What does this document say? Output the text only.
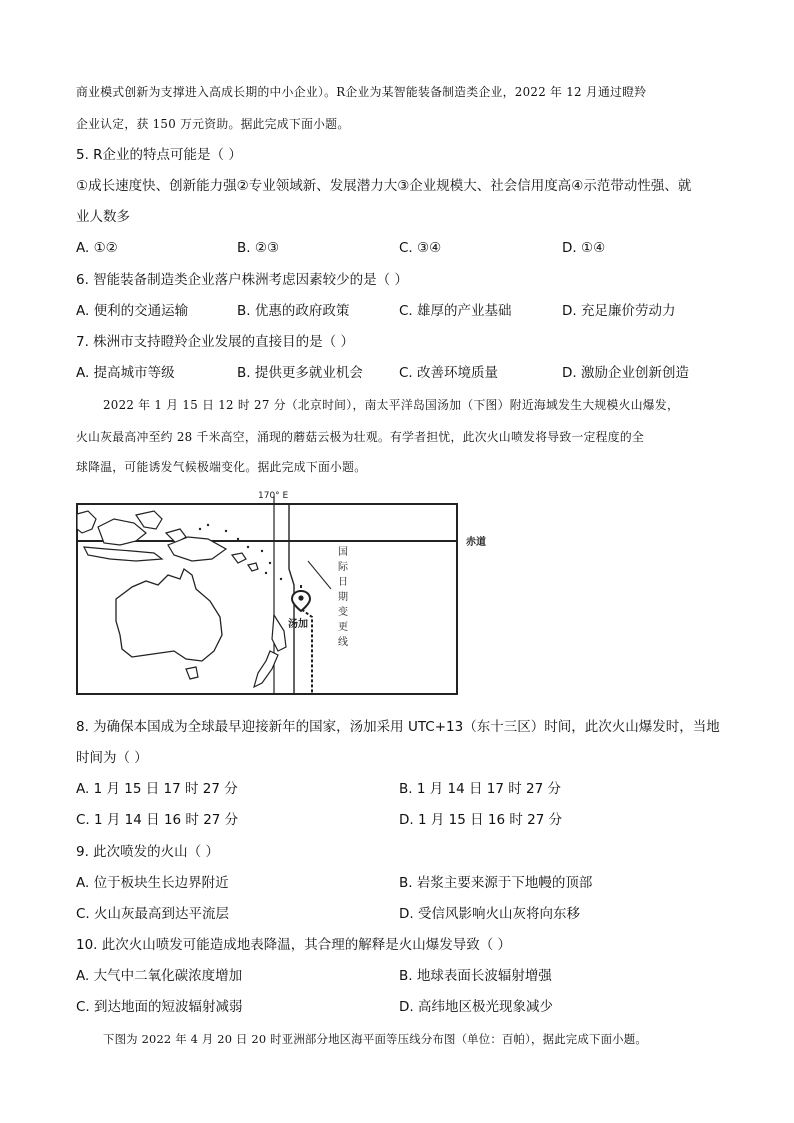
商业模式创新为支撑进入高成长期的中小企业）。R企业为某智能装备制造类企业，2022 年 12 月通过瞪羚
企业认定，获 150 万元资助。据此完成下面小题。
5. R企业的特点可能是（ ）
①成长速度快、创新能力强②专业领域新、发展潜力大③企业规模大、社会信用度高④示范带动性强、就
业人数多
A. ①②	B. ②③	C. ③④	D. ①④
6. 智能装备制造类企业落户株洲考虑因素较少的是（ ）
A. 便利的交通运输	B. 优惠的政府政策	C. 雄厚的产业基础	D. 充足廉价劳动力
7. 株洲市支持瞪羚企业发展的直接目的是（ ）
A. 提高城市等级	B. 提供更多就业机会	C. 改善环境质量	D. 激励企业创新创造
2022 年 1 月 15 日 12 时 27 分（北京时间），南太平洋岛国汤加（下图）附近海域发生大规模火山爆发，
火山灰最高冲至约 28 千米高空，涌现的蘑菇云极为壮观。有学者担忧，此次火山喷发将导致一定程度的全
球降温，可能诱发气候极端变化。据此完成下面小题。
170° E
赤道
汤加
国
际
日
期
变
更
线
8. 为确保本国成为全球最早迎接新年的国家，汤加采用 UTC+13（东十三区）时间，此次火山爆发时，当地
时间为（ ）
A. 1 月 15 日 17 时 27 分	B. 1 月 14 日 17 时 27 分
C. 1 月 14 日 16 时 27 分	D. 1 月 15 日 16 时 27 分
9. 此次喷发的火山（ ）
A. 位于板块生长边界附近	B. 岩浆主要来源于下地幔的顶部
C. 火山灰最高到达平流层	D. 受信风影响火山灰将向东移
10. 此次火山喷发可能造成地表降温，其合理的解释是火山爆发导致（ ）
A. 大气中二氧化碳浓度增加	B. 地球表面长波辐射增强
C. 到达地面的短波辐射减弱	D. 高纬地区极光现象减少
下图为 2022 年 4 月 20 日 20 时亚洲部分地区海平面等压线分布图（单位：百帕），据此完成下面小题。
